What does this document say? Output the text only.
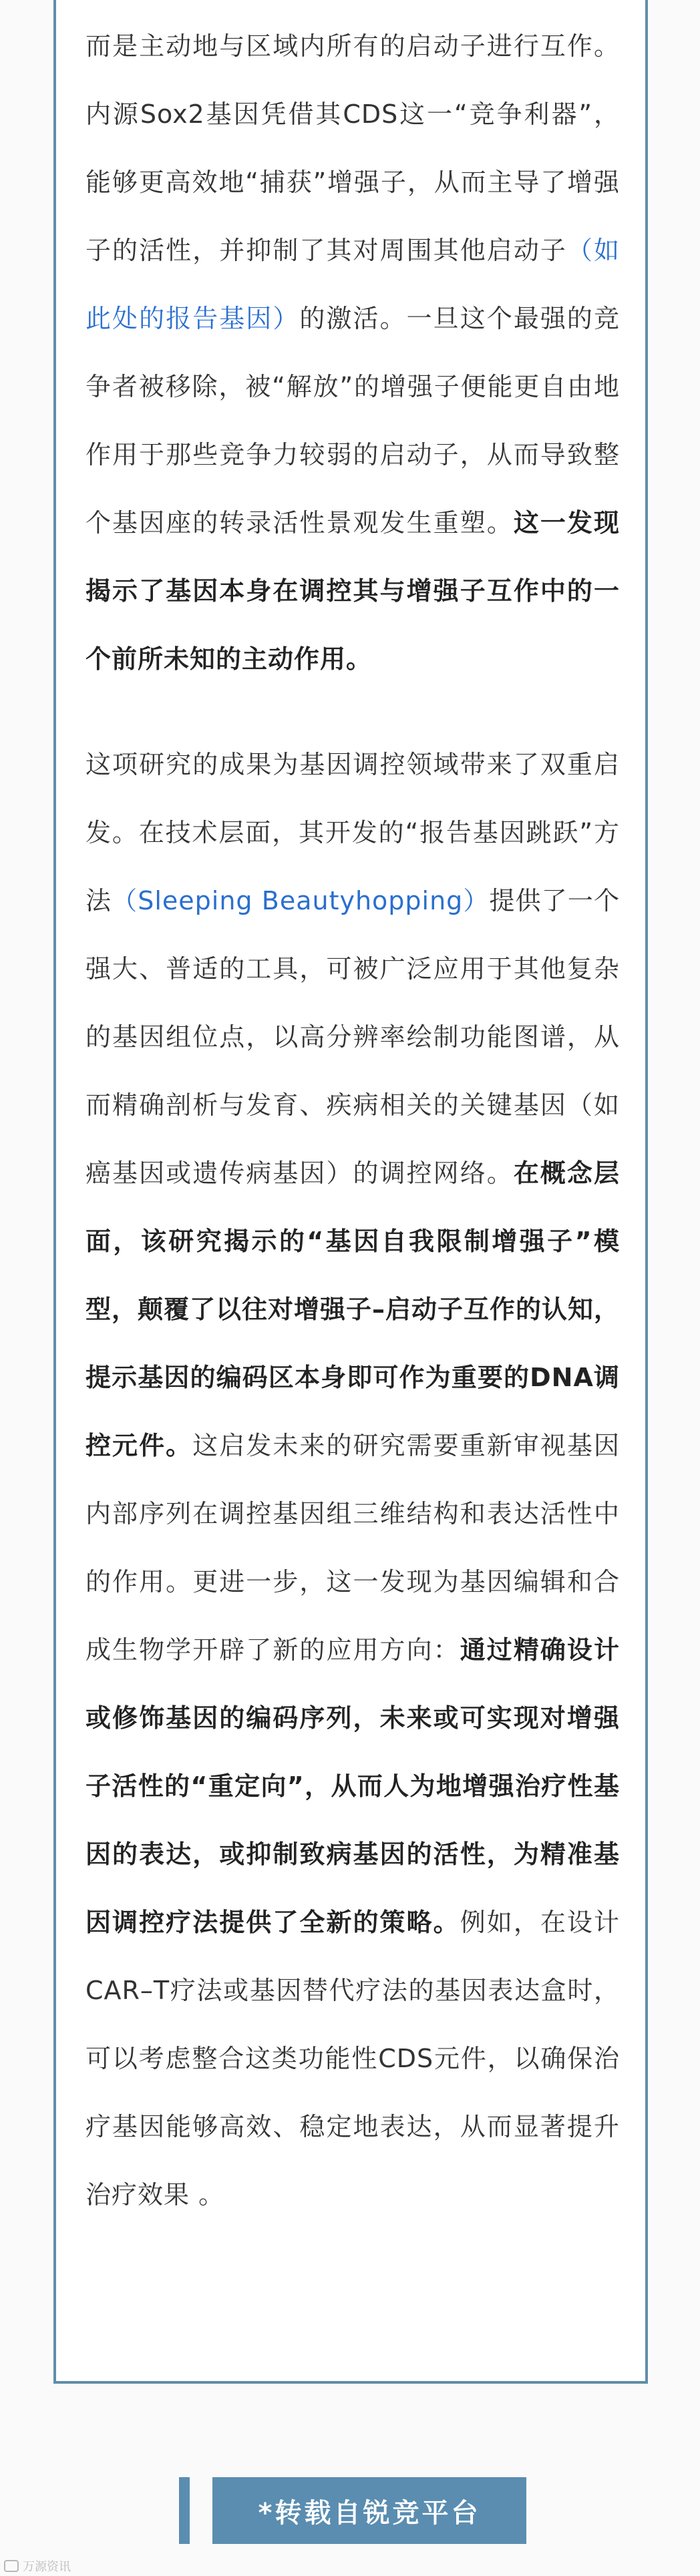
而是主动地与区域内所有的启动子进行互作。内源Sox2基因凭借其CDS这一“竞争利器”，能够更高效地“捕获”增强子，从而主导了增强子的活性，并抑制了其对周围其他启动子（如此处的报告基因）的激活。一旦这个最强的竞争者被移除，被“解放”的增强子便能更自由地作用于那些竞争力较弱的启动子，从而导致整个基因座的转录活性景观发生重塑。这一发现揭示了基因本身在调控其与增强子互作中的一个前所未知的主动作用。

这项研究的成果为基因调控领域带来了双重启发。在技术层面，其开发的“报告基因跳跃”方法（Sleeping Beautyhopping）提供了一个强大、普适的工具，可被广泛应用于其他复杂的基因组位点，以高分辨率绘制功能图谱，从而精确剖析与发育、疾病相关的关键基因（如癌基因或遗传病基因）的调控网络。在概念层面，该研究揭示的“基因自我限制增强子”模型，颠覆了以往对增强子–启动子互作的认知，提示基因的编码区本身即可作为重要的DNA调控元件。这启发未来的研究需要重新审视基因内部序列在调控基因组三维结构和表达活性中的作用。更进一步，这一发现为基因编辑和合成生物学开辟了新的应用方向：通过精确设计或修饰基因的编码序列，未来或可实现对增强子活性的“重定向”，从而人为地增强治疗性基因的表达，或抑制致病基因的活性，为精准基因调控疗法提供了全新的策略。例如，在设计CAR–T疗法或基因替代疗法的基因表达盒时，可以考虑整合这类功能性CDS元件，以确保治疗基因能够高效、稳定地表达，从而显著提升治疗效果 。

*转载自锐竞平台
万源资讯
